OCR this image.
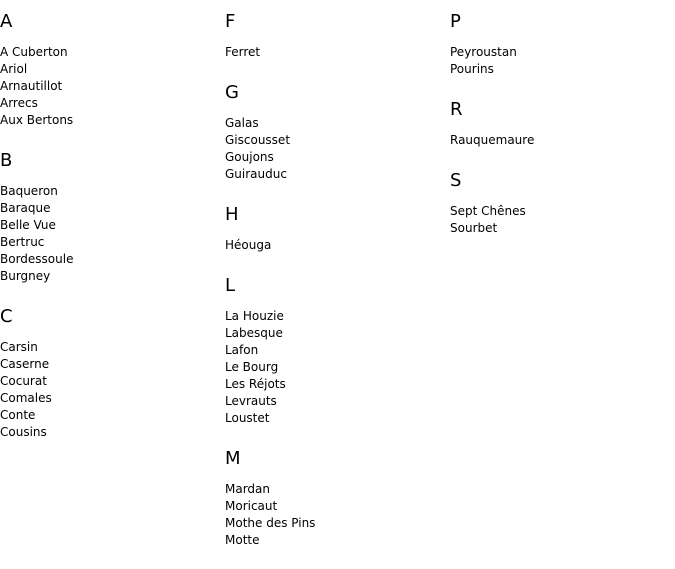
A
A Cuberton
Ariol
Arnautillot
Arrecs
Aux Bertons
B
Baqueron
Baraque
Belle Vue
Bertruc
Bordessoule
Burgney
C
Carsin
Caserne
Cocurat
Comales
Conte
Cousins
F
Ferret
G
Galas
Giscousset
Goujons
Guirauduc
H
Héouga
L
La Houzie
Labesque
Lafon
Le Bourg
Les Réjots
Levrauts
Loustet
M
Mardan
Moricaut
Mothe des Pins
Motte
P
Peyroustan
Pourins
R
Rauquemaure
S
Sept Chênes
Sourbet
